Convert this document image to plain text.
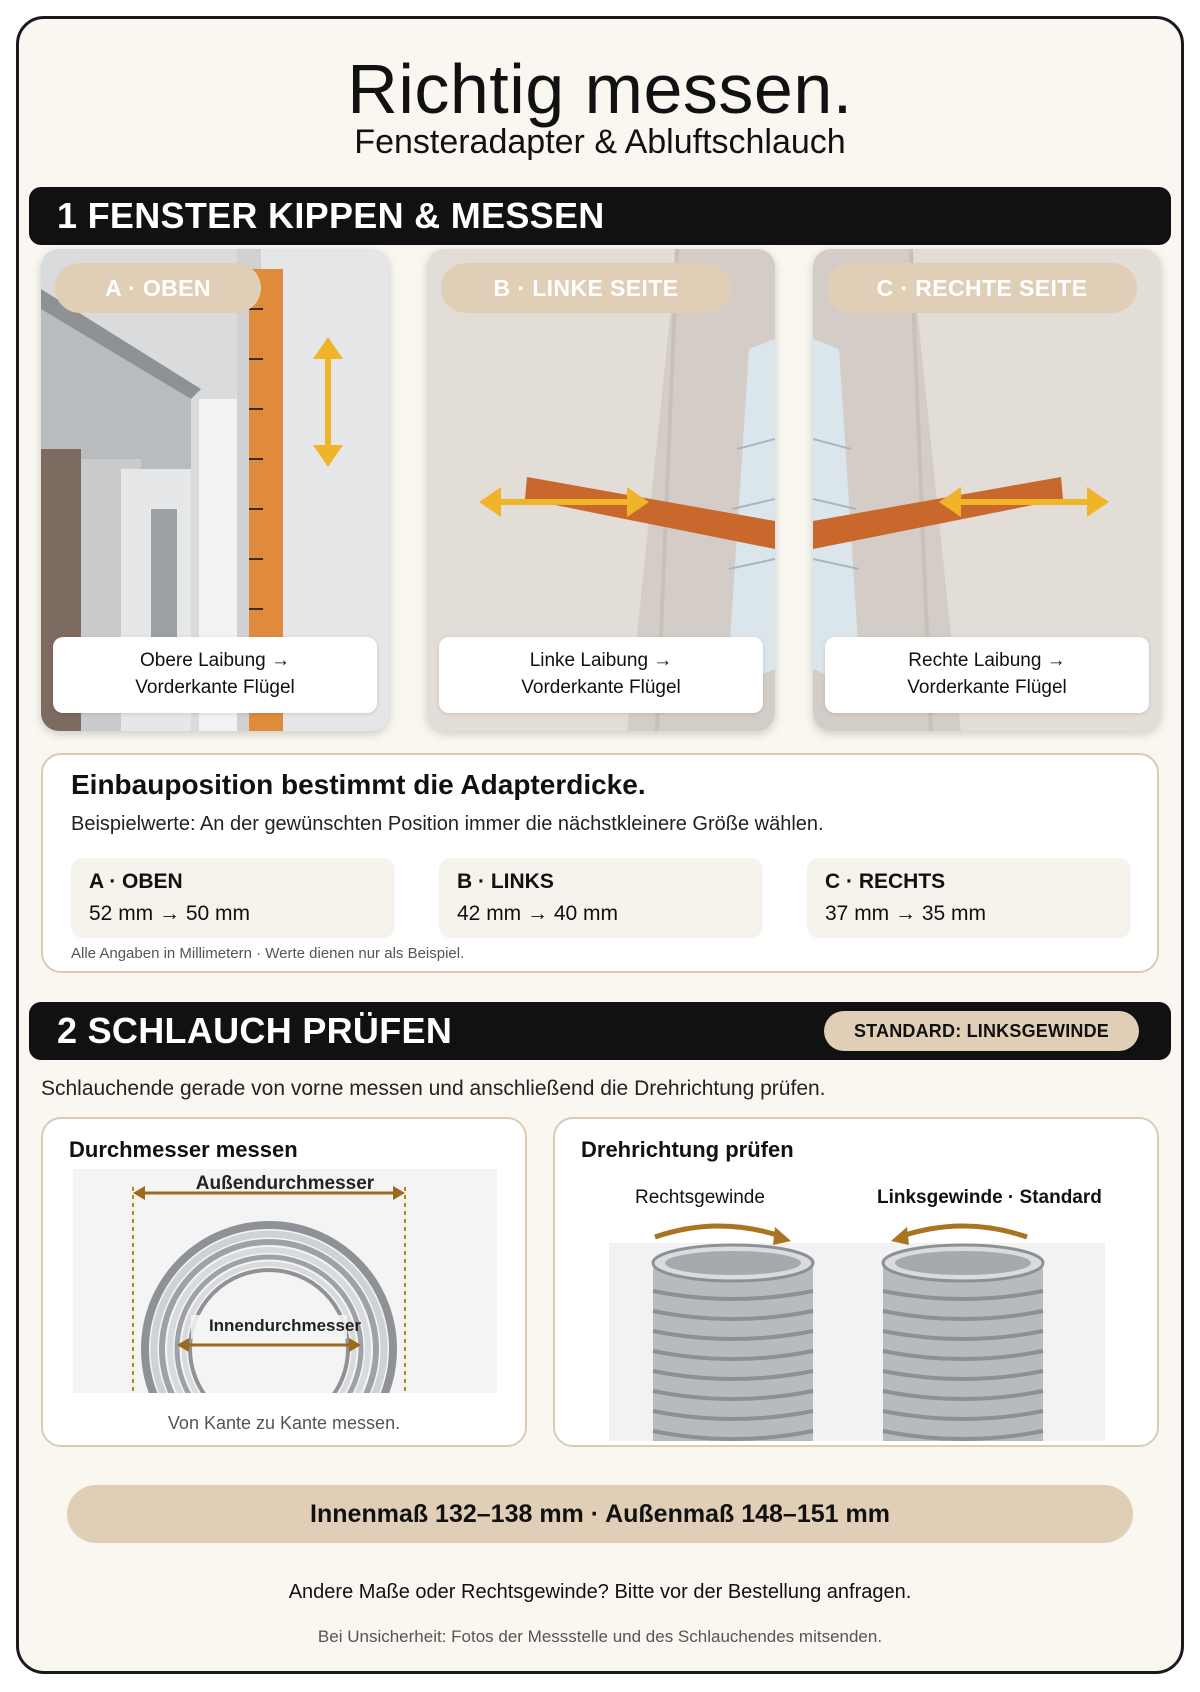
Richtig messen.
Fensteradapter & Abluftschlauch
1 FENSTER KIPPEN & MESSEN
A · OBEN
Obere Laibung →
Vorderkante Flügel
B · LINKE SEITE
Linke Laibung →
Vorderkante Flügel
C · RECHTE SEITE
Rechte Laibung →
Vorderkante Flügel
Einbauposition bestimmt die Adapterdicke.
Beispielwerte: An der gewünschten Position immer die nächstkleinere Größe wählen.
A · OBEN
52 mm → 50 mm
B · LINKS
42 mm → 40 mm
C · RECHTS
37 mm → 35 mm
Alle Angaben in Millimetern · Werte dienen nur als Beispiel.
2 SCHLAUCH PRÜFEN	STANDARD: LINKSGEWINDE
Schlauchende gerade von vorne messen und anschließend die Drehrichtung prüfen.
Durchmesser messen
Außendurchmesser
Innendurchmesser
Von Kante zu Kante messen.
Drehrichtung prüfen
Rechtsgewinde	Linksgewinde · Standard
Innenmaß 132–138 mm · Außenmaß 148–151 mm
Andere Maße oder Rechtsgewinde? Bitte vor der Bestellung anfragen.
Bei Unsicherheit: Fotos der Messstelle und des Schlauchendes mitsenden.
